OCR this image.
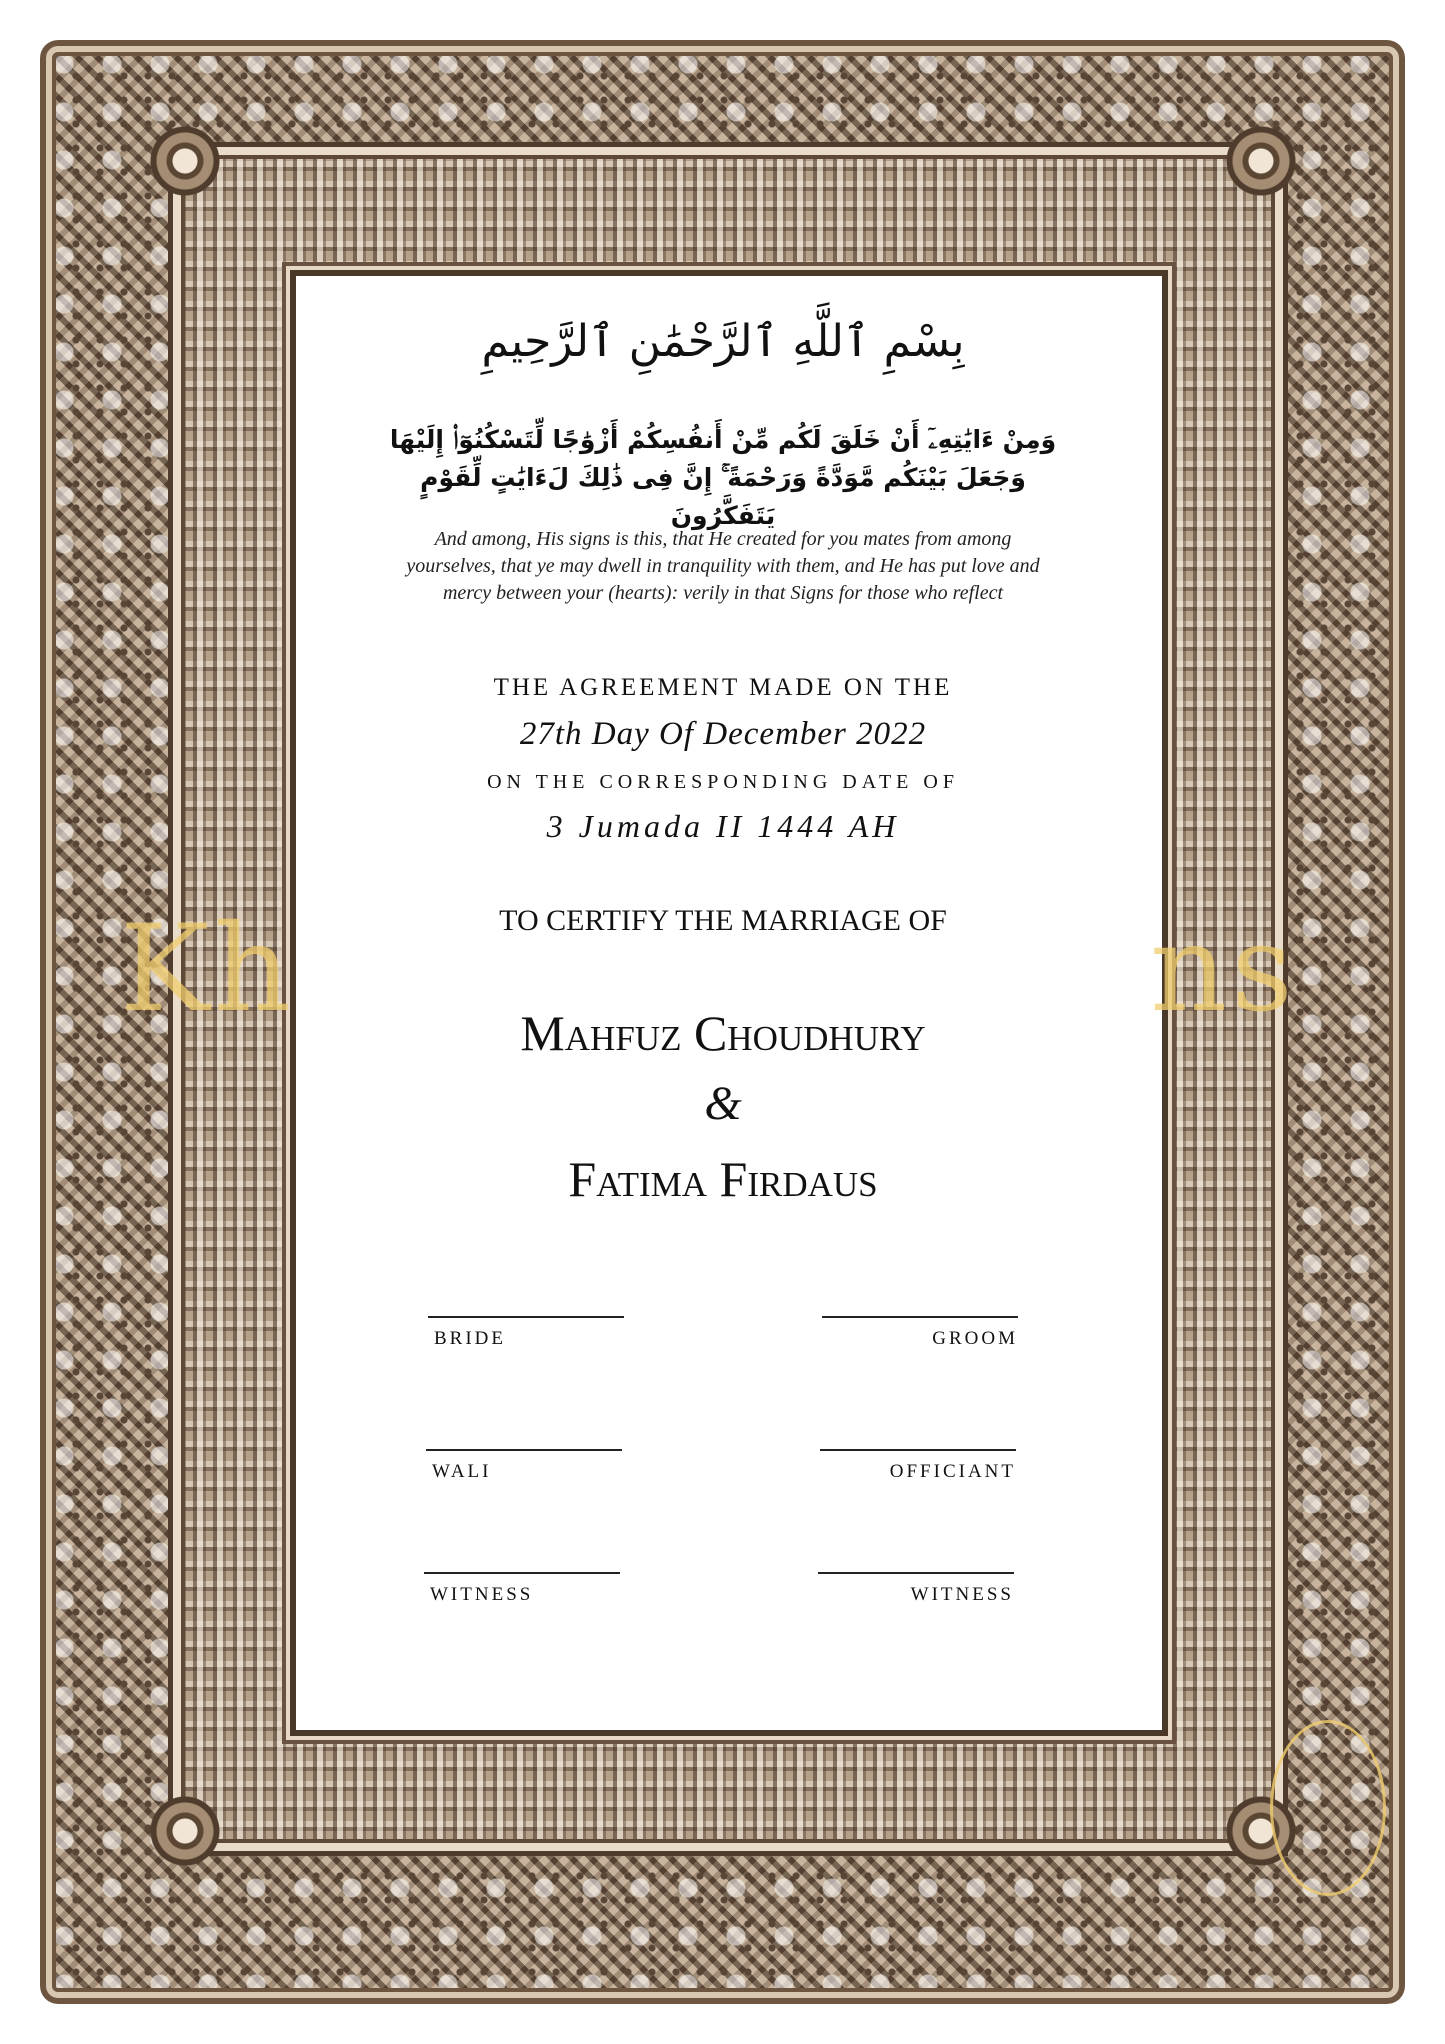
بِسْمِ ٱللَّهِ ٱلرَّحْمَٰنِ ٱلرَّحِيمِ
وَمِنْ ءَايَٰتِهِۦٓ أَنْ خَلَقَ لَكُم مِّنْ أَنفُسِكُمْ أَزْوَٰجًا لِّتَسْكُنُوٓا۟ إِلَيْهَا وَجَعَلَ بَيْنَكُم مَّوَدَّةً وَرَحْمَةً ۚ إِنَّ فِى ذَٰلِكَ لَءَايَٰتٍ لِّقَوْمٍ يَتَفَكَّرُونَ
And among, His signs is this, that He created for you mates from among yourselves, that ye may dwell in tranquility with them, and He has put love and mercy between your (hearts): verily in that Signs for those who reflect
THE AGREEMENT MADE ON THE
27th Day Of December 2022
ON THE CORRESPONDING DATE OF
3 Jumada II 1444 AH
TO CERTIFY THE MARRIAGE OF
Mahfuz Choudhury
&
Fatima Firdaus
BRIDE	GROOM
WALI	OFFICIANT
WITNESS	WITNESS
Kh	ns
